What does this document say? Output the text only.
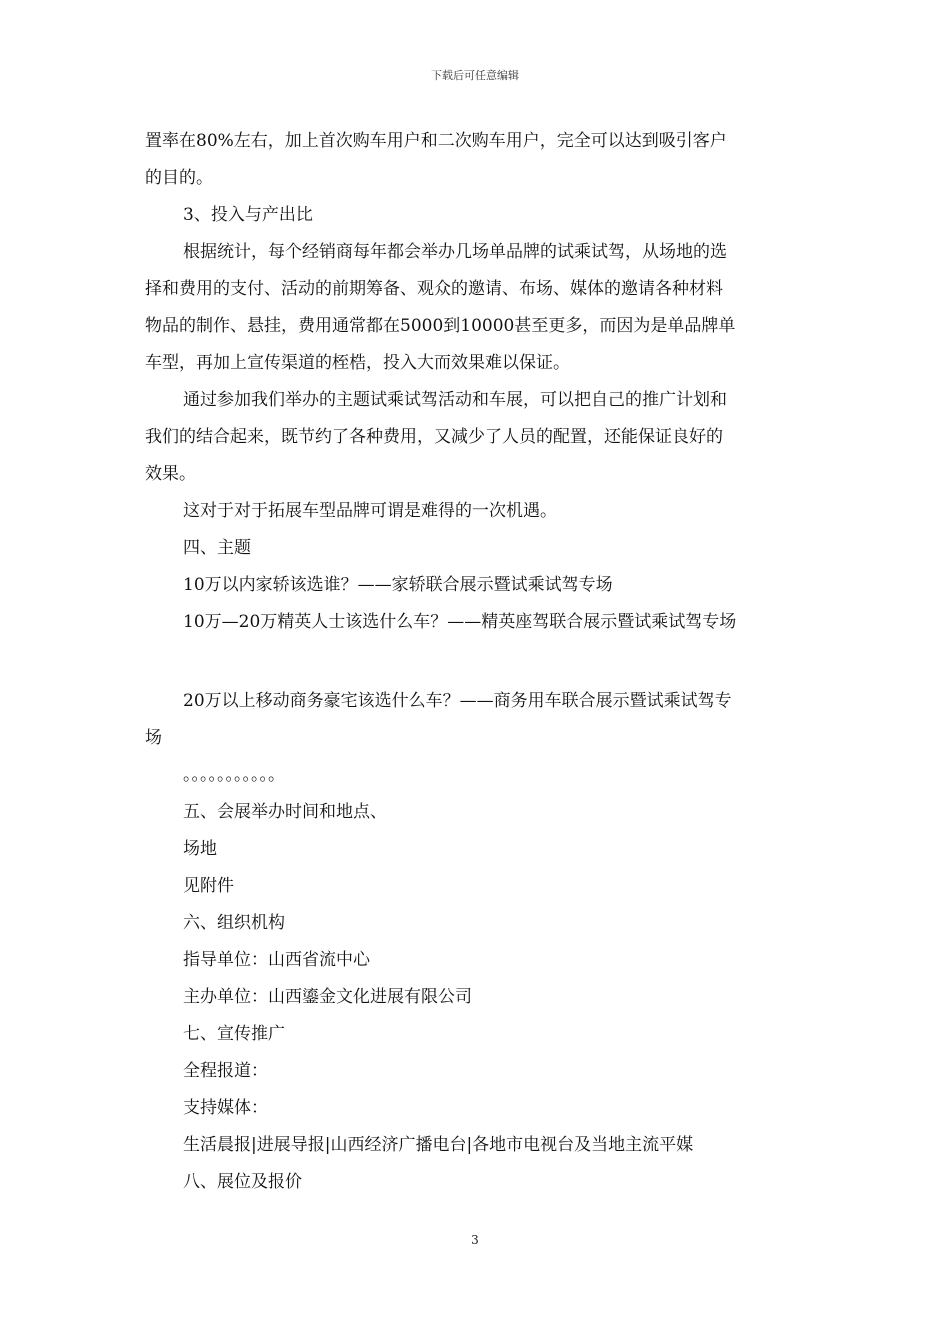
下载后可任意编辑

置率在80%左右，加上首次购车用户和二次购车用户，完全可以达到吸引客户

的目的。

3、投入与产出比

根据统计，每个经销商每年都会举办几场单品牌的试乘试驾，从场地的选

择和费用的支付、活动的前期筹备、观众的邀请、布场、媒体的邀请各种材料

物品的制作、悬挂，费用通常都在5000到10000甚至更多，而因为是单品牌单

车型，再加上宣传渠道的桎梏，投入大而效果难以保证。

通过参加我们举办的主题试乘试驾活动和车展，可以把自己的推广计划和

我们的结合起来，既节约了各种费用，又减少了人员的配置，还能保证良好的

效果。

这对于对于拓展车型品牌可谓是难得的一次机遇。

四、主题

10万以内家轿该选谁？——家轿联合展示暨试乘试驾专场

10万—20万精英人士该选什么车？——精英座驾联合展示暨试乘试驾专场

20万以上移动商务豪宅该选什么车？——商务用车联合展示暨试乘试驾专

场

。。。。。。。。。。。

五、会展举办时间和地点、

场地

见附件

六、组织机构

指导单位：山西省流中心

主办单位：山西鎏金文化进展有限公司

七、宣传推广

全程报道：

支持媒体：

生活晨报|进展导报|山西经济广播电台|各地市电视台及当地主流平媒

八、展位及报价

3
